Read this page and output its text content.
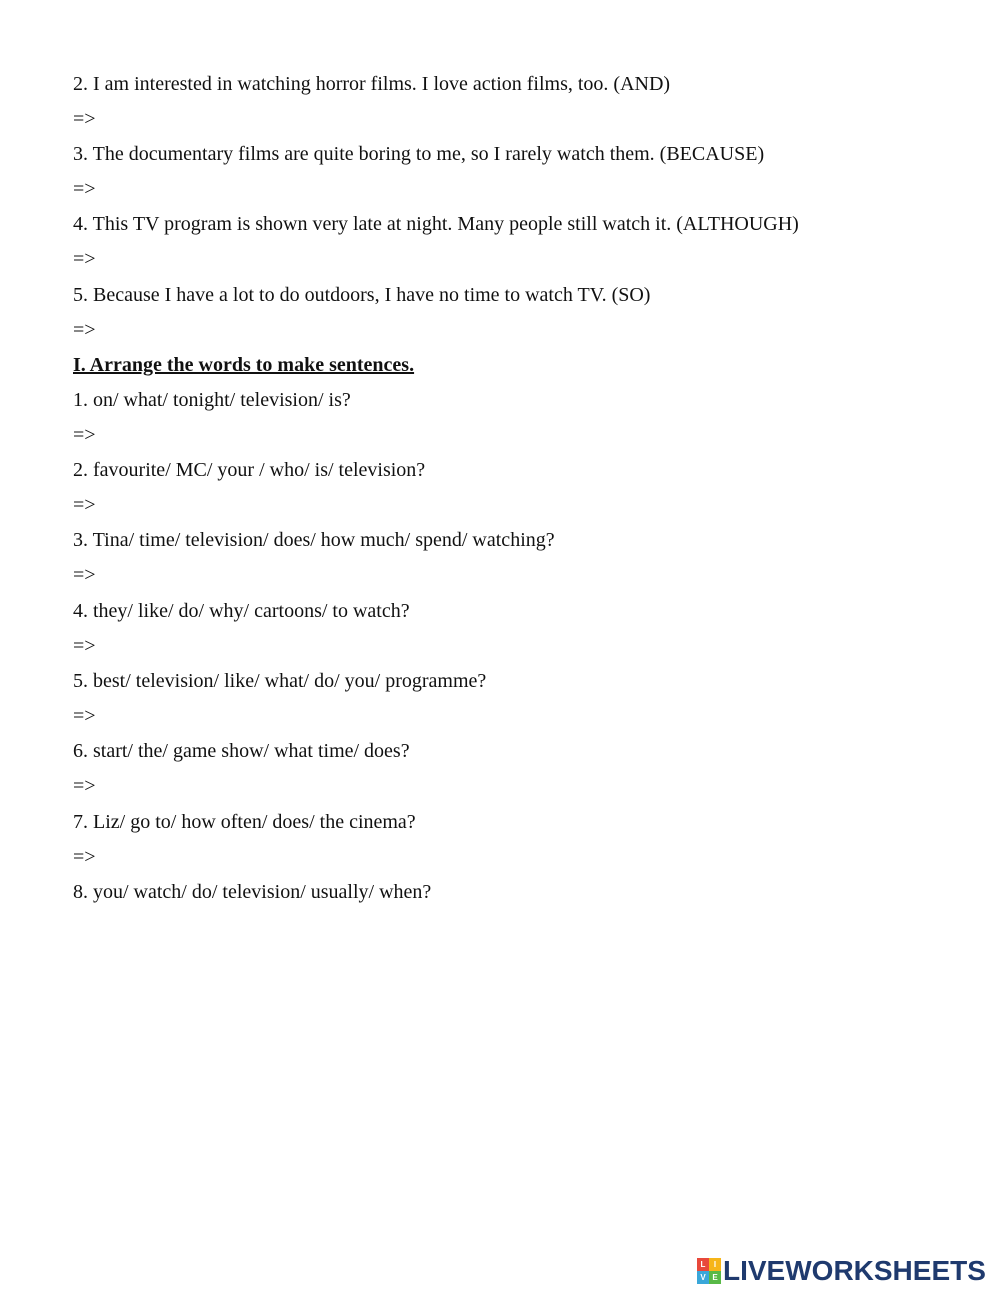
2. I am interested in watching horror films. I love action films, too. (AND)
=>
3. The documentary films are quite boring to me, so I rarely watch them. (BECAUSE)
=>
4. This TV program is shown very late at night. Many people still watch it. (ALTHOUGH)
=>
5. Because I have a lot to do outdoors, I have no time to watch TV. (SO)
=>
I. Arrange the words to make sentences.
1. on/ what/ tonight/ television/ is?
=>
2. favourite/ MC/ your / who/ is/ television?
=>
3. Tina/ time/ television/ does/ how much/ spend/ watching?
=>
4. they/ like/ do/ why/ cartoons/ to watch?
=>
5. best/ television/ like/ what/ do/ you/ programme?
=>
6. start/ the/ game show/ what time/ does?
=>
7. Liz/ go to/ how often/ does/ the cinema?
=>
8. you/ watch/ do/ television/ usually/ when?
L	I
V E LIVEWORKSHEETS
